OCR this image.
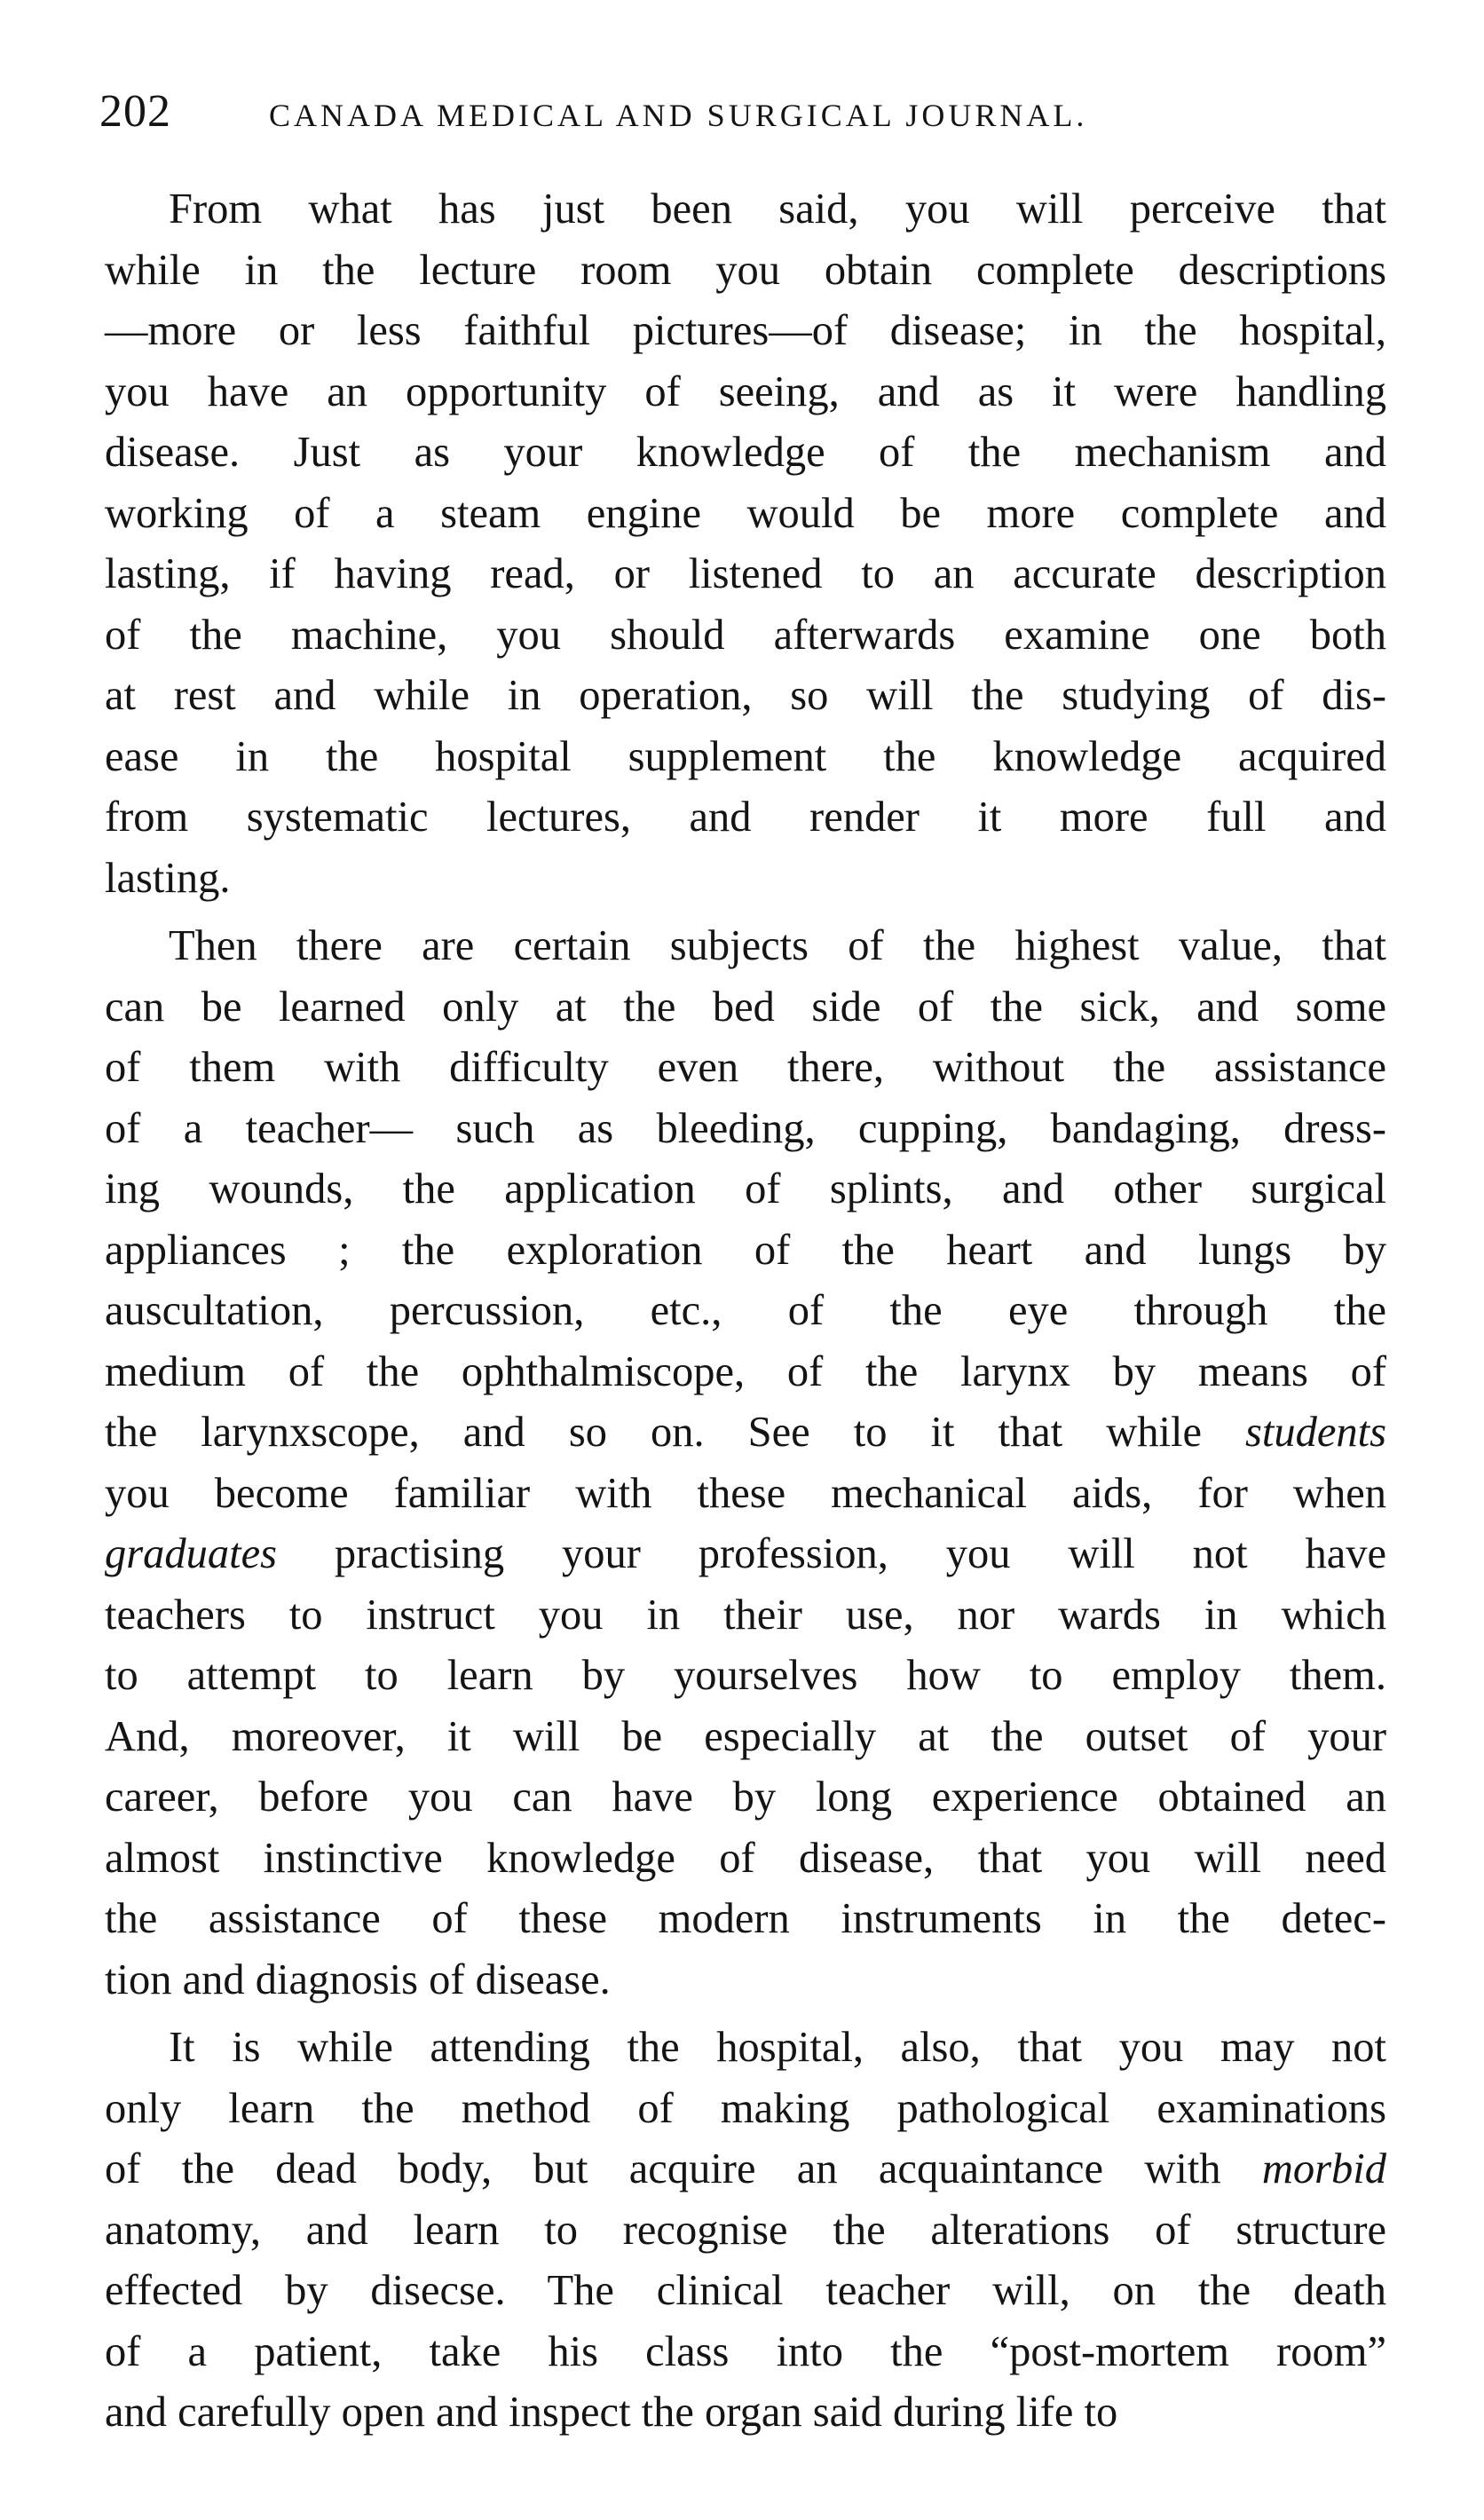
202	CANADA MEDICAL AND SURGICAL JOURNAL.
From what has just been said, you will perceive that
while in the lecture room you obtain complete descriptions
—more or less faithful pictures—of disease; in the hospital,
you have an opportunity of seeing, and as it were handling
disease. Just as your knowledge of the mechanism and
working of a steam engine would be more complete and
lasting, if having read, or listened to an accurate description
of the machine, you should afterwards examine one both
at rest and while in operation, so will the studying of dis-
ease in the hospital supplement the knowledge acquired
from systematic lectures, and render it more full and
lasting.
Then there are certain subjects of the highest value, that
can be learned only at the bed side of the sick, and some
of them with difficulty even there, without the assistance
of a teacher— such as bleeding, cupping, bandaging, dress-
ing wounds, the application of splints, and other surgical
appliances ; the exploration of the heart and lungs by
auscultation, percussion, etc., of the eye through the
medium of the ophthalmiscope, of the larynx by means of
the larynxscope, and so on. See to it that while students
you become familiar with these mechanical aids, for when
graduates practising your profession, you will not have
teachers to instruct you in their use, nor wards in which
to attempt to learn by yourselves how to employ them.
And, moreover, it will be especially at the outset of your
career, before you can have by long experience obtained an
almost instinctive knowledge of disease, that you will need
the assistance of these modern instruments in the detec-
tion and diagnosis of disease.
It is while attending the hospital, also, that you may not
only learn the method of making pathological examinations
of the dead body, but acquire an acquaintance with morbid
anatomy, and learn to recognise the alterations of structure
effected by disecse. The clinical teacher will, on the death
of a patient, take his class into the “post-mortem room”
and carefully open and inspect the organ said during life to
